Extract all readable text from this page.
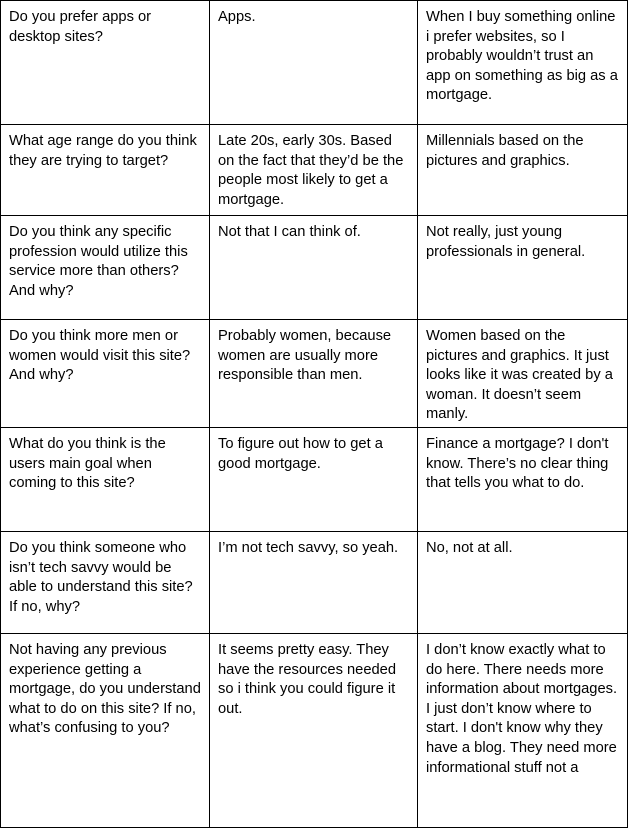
Do you prefer apps or desktop sites?	Apps.	When I buy something online i prefer websites, so I probably wouldn’t trust an app on something as big as a mortgage.
What age range do you think they are trying to target?	Late 20s, early 30s. Based on the fact that they’d be the people most likely to get a mortgage.	Millennials based on the pictures and graphics.
Do you think any specific profession would utilize this service more than others? And why?	Not that I can think of.	Not really, just young professionals in general.
Do you think more men or women would visit this site? And why?	Probably women, because women are usually more responsible than men.	Women based on the pictures and graphics. It just looks like it was created by a woman. It doesn’t seem manly.
What do you think is the users main goal when coming to this site?	To figure out how to get a good mortgage.	Finance a mortgage? I don't know. There’s no clear thing that tells you what to do.
Do you think someone who isn’t tech savvy would be able to understand this site? If no, why?	I’m not tech savvy, so yeah.	No, not at all.
Not having any previous experience getting a mortgage, do you understand what to do on this site? If no, what’s confusing to you?	It seems pretty easy. They have the resources needed so i think you could figure it out.	I don’t know exactly what to do here. There needs more information about mortgages. I just don’t know where to start. I don't know why they have a blog. They need more informational stuff not a
